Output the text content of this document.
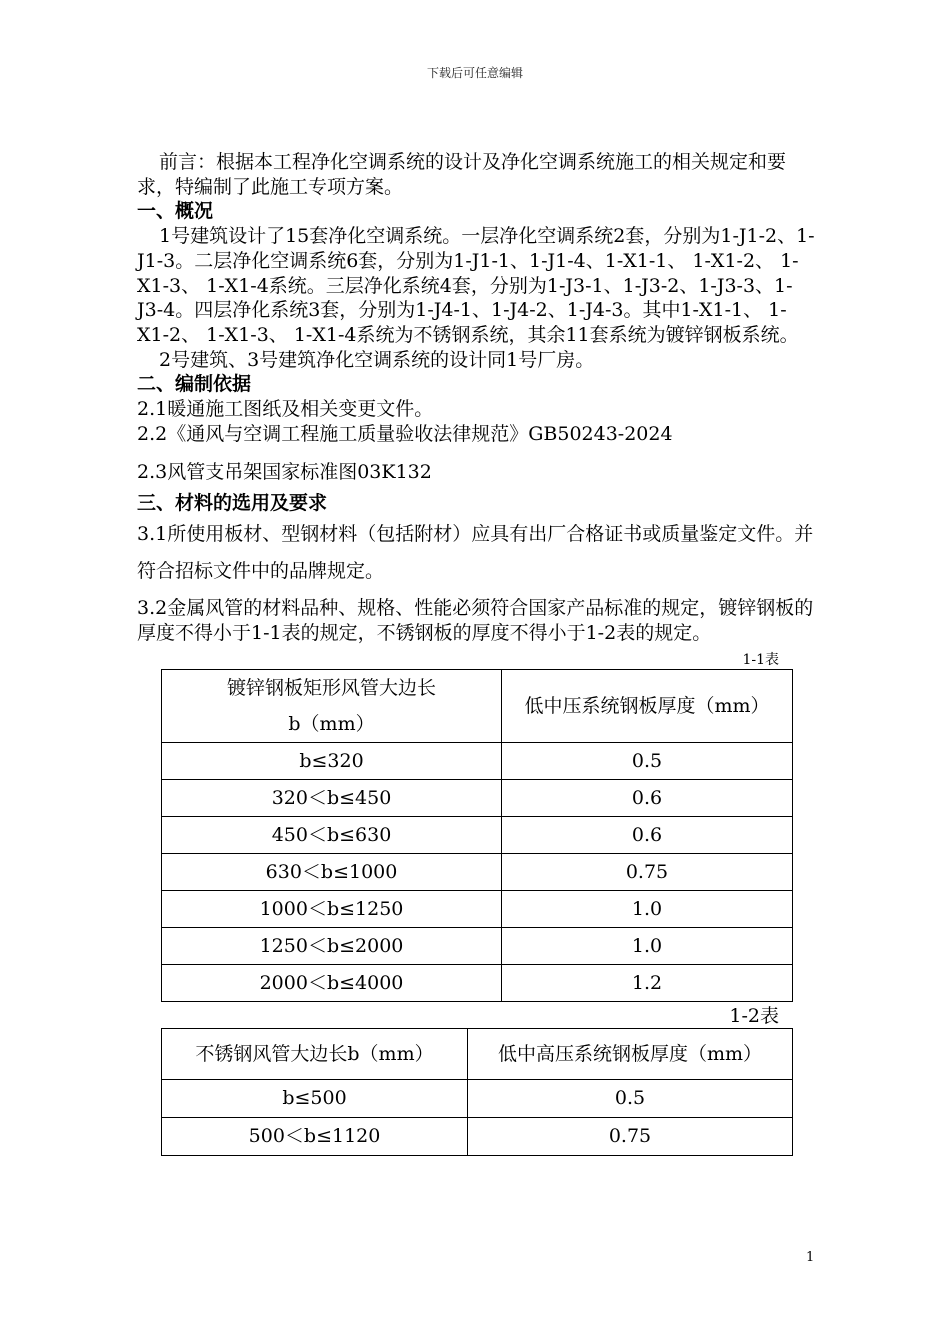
下载后可任意编辑

前言：根据本工程净化空调系统的设计及净化空调系统施工的相关规定和要求，特编制了此施工专项方案。

一、概况

1号建筑设计了15套净化空调系统。一层净化空调系统2套，分别为1-J1-2、1-J1-3。二层净化空调系统6套，分别为1-J1-1、1-J1-4、1-X1-1、 1-X1-2、 1-X1-3、 1-X1-4系统。三层净化系统4套，分别为1-J3-1、1-J3-2、1-J3-3、1-J3-4。四层净化系统3套，分别为1-J4-1、1-J4-2、1-J4-3。其中1-X1-1、 1-X1-2、 1-X1-3、 1-X1-4系统为不锈钢系统，其余11套系统为镀锌钢板系统。

2号建筑、3号建筑净化空调系统的设计同1号厂房。

二、编制依据

2.1暖通施工图纸及相关变更文件。

2.2《通风与空调工程施工质量验收法律规范》GB50243-2024

2.3风管支吊架国家标准图03K132

三、材料的选用及要求

3.1所使用板材、型钢材料（包括附材）应具有出厂合格证书或质量鉴定文件。并符合招标文件中的品牌规定。

3.2金属风管的材料品种、规格、性能必须符合国家产品标准的规定，镀锌钢板的厚度不得小于1-1表的规定，不锈钢板的厚度不得小于1-2表的规定。

1-1表
镀锌钢板矩形风管大边长
b（mm）	低中压系统钢板厚度（mm）
b≤320	0.5
320＜b≤450	0.6
450＜b≤630	0.6
630＜b≤1000	0.75
1000＜b≤1250	1.0
1250＜b≤2000	1.0
2000＜b≤4000	1.2
1-2表
不锈钢风管大边长b（mm）	低中高压系统钢板厚度（mm）
b≤500	0.5
500＜b≤1120	0.75
1
